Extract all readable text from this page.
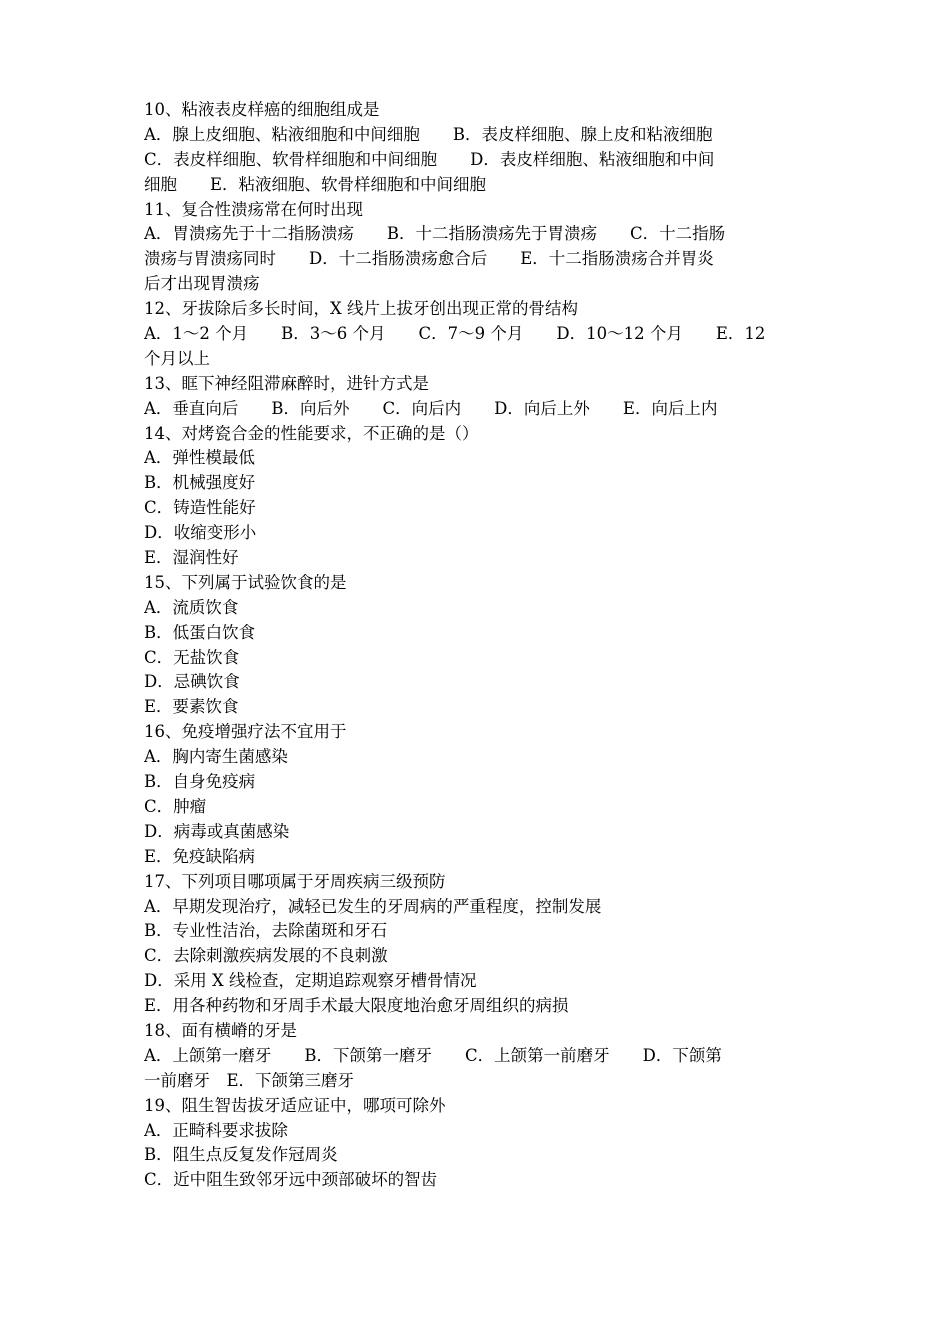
10、粘液表皮样癌的细胞组成是
A．腺上皮细胞、粘液细胞和中间细胞　　B．表皮样细胞、腺上皮和粘液细胞
C．表皮样细胞、软骨样细胞和中间细胞　　D．表皮样细胞、粘液细胞和中间
细胞　　E．粘液细胞、软骨样细胞和中间细胞
11、复合性溃疡常在何时出现
A．胃溃疡先于十二指肠溃疡　　B．十二指肠溃疡先于胃溃疡　　C．十二指肠
溃疡与胃溃疡同时　　D．十二指肠溃疡愈合后　　E．十二指肠溃疡合并胃炎
后才出现胃溃疡
12、牙拔除后多长时间，X 线片上拔牙创出现正常的骨结构
A．1～2 个月　　B．3～6 个月　　C．7～9 个月　　D．10～12 个月　　E．12
个月以上
13、眶下神经阻滞麻醉时，进针方式是
A．垂直向后　　B．向后外　　C．向后内　　D．向后上外　　E．向后上内
14、对烤瓷合金的性能要求，不正确的是（）
A．弹性模最低
B．机械强度好
C．铸造性能好
D．收缩变形小
E．湿润性好
15、下列属于试验饮食的是
A．流质饮食
B．低蛋白饮食
C．无盐饮食
D．忌碘饮食
E．要素饮食
16、免疫增强疗法不宜用于
A．胸内寄生菌感染
B．自身免疫病
C．肿瘤
D．病毒或真菌感染
E．免疫缺陷病
17、下列项目哪项属于牙周疾病三级预防
A．早期发现治疗，减轻已发生的牙周病的严重程度，控制发展
B．专业性洁治，去除菌斑和牙石
C．去除刺激疾病发展的不良刺激
D．采用 X 线检查，定期追踪观察牙槽骨情况
E．用各种药物和牙周手术最大限度地治愈牙周组织的病损
18、面有横嵴的牙是
A．上颌第一磨牙　　B．下颌第一磨牙　　C．上颌第一前磨牙　　D．下颌第
一前磨牙　E．下颌第三磨牙
19、阻生智齿拔牙适应证中，哪项可除外
A．正畸科要求拔除
B．阻生点反复发作冠周炎
C．近中阻生致邻牙远中颈部破坏的智齿
